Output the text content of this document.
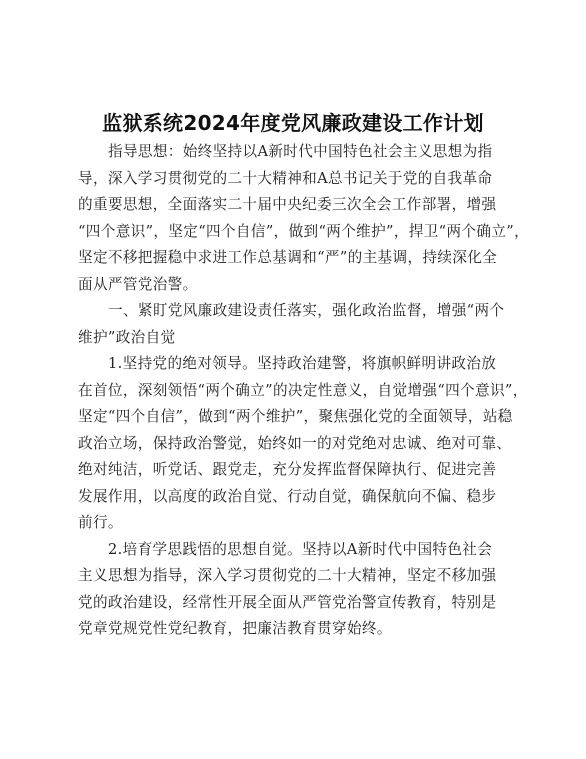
监狱系统2024年度党风廉政建设工作计划
指导思想：始终坚持以A新时代中国特色社会主义思想为指
导，深入学习贯彻党的二十大精神和A总书记关于党的自我革命
的重要思想，全面落实二十届中央纪委三次全会工作部署，增强
“四个意识”，坚定“四个自信”，做到“两个维护”，捍卫“两个确立”，
坚定不移把握稳中求进工作总基调和“严”的主基调，持续深化全
面从严管党治警。
一、紧盯党风廉政建设责任落实，强化政治监督，增强“两个
维护”政治自觉
1.坚持党的绝对领导。坚持政治建警，将旗帜鲜明讲政治放
在首位，深刻领悟“两个确立”的决定性意义，自觉增强“四个意识”，
坚定“四个自信”，做到“两个维护”，聚焦强化党的全面领导，站稳
政治立场，保持政治警觉，始终如一的对党绝对忠诚、绝对可靠、
绝对纯洁，听党话、跟党走，充分发挥监督保障执行、促进完善
发展作用，以高度的政治自觉、行动自觉，确保航向不偏、稳步
前行。
2.培育学思践悟的思想自觉。坚持以A新时代中国特色社会
主义思想为指导，深入学习贯彻党的二十大精神，坚定不移加强
党的政治建设，经常性开展全面从严管党治警宣传教育，特别是
党章党规党性党纪教育，把廉洁教育贯穿始终。
